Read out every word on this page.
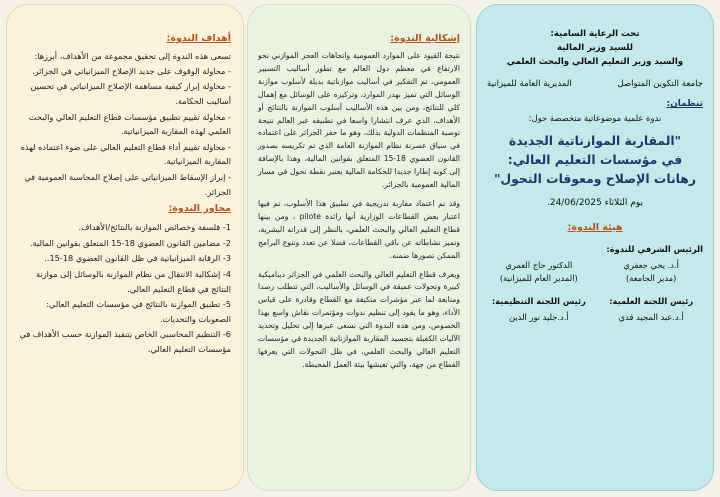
أهداف الندوة:

تسعى هذه الندوة إلى تحقيق مجموعة من الأهداف، أبرزها:

- محاولة الوقوف على جديد الإصلاح الميزانياتي في الجزائر.
- محاولة إبراز كيفية مساهمة الإصلاح الميزانياتي في تحسين أساليب الحكامة.
- محاولة تقييم تطبيق مؤسسات قطاع التعليم العالي والبحث العلمي لهذه المقاربة الميزانياتية.
- محاولة تقييم أداء قطاع التعليم العالي على ضوء اعتماده لهذه المقاربة الميزانياتية.
- إبراز الإسقاط الميزانياتي على إصلاح المحاسبة العمومية في الجزائر.
محاور الندوة:
1- فلسفة وخصائص الموازنة بالنتائج/الأهداف.
2- مضامين القانون العضوي 18-15 المتعلق بقوانين المالية.
3- الرقابة الميزانياتية في ظل القانون العضوي 18-15..
4- إشكالية الانتقال من نظام الموازنة بالوسائل إلى موازنة النتائج في قطاع التعليم العالي.
5- تطبيق الموازنة بالنتائج في مؤسسات التعليم العالي: الصعوبات والتحديات.
6- التنظيم المحاسبي الخاص بتنفيذ الموازنة حسب الأهداف في مؤسسات التعليم العالي.
إشكالية الندوة:

نتيجة القيود على الموارد العمومية واتجاهات العجز الموازني نحو الارتفاع في معظم دول العالم مع تطور أساليب التسيير العمومي، تم التفكير في أساليب موازناتية بديلة لأسلوب موازنة الوسائل التي تميز بهدر الموارد، وتركيزه على الوسائل مع إهمال كلي للنتائج، ومن بين هذه الأساليب أسلوب الموازنة بالنتائج أو الأهداف، الذي عرف انتشارا واسعا في تطبيقه عبر العالم نتيجة توصية المنظمات الدولية بذلك، وهو ما حفز الجزائر على اعتماده في سياق عصرنة نظام الموازنة العامة الذي تم تكريسه بصدور القانون العضوي 18-15 المتعلق بقوانين المالية، وهذا بالإضافة إلى كونه إطارا جديدا للحكامة المالية يعتبر نقطة تحول في مسار المالية العمومية بالجزائر.

وقد تم اعتماد مقاربة تدريجية في تطبيق هذا الأسلوب، تم فيها اعتبار بعض القطاعات الوزارية أنها رائدة pilote ، ومن بينها قطاع التعليم العالي والبحث العلمي، بالنظر إلى قدراته البشرية، وتميز نشاطاته عن باقي القطاعات، فضلا عن تعدد وتنوع البرامج الممكن تصورها ضمنه.

ويعرف قطاع التعليم العالي والبحث العلمي في الجزائر ديناميكية كبيرة وتحولات عميقة في الوسائل والأساليب، التي تتطلب رصدا ومتابعة لما عبر مؤشرات متكيفة مع القطاع وقادرة على قياس الأداء، وهو ما يقود إلى تنظيم ندوات ومؤتمرات نقاش واسع بهذا الخصوص، ومن هذه الندوة التي نسعى عبرها إلى تحليل وتحديد الآليات الكفيلة بتجسيد المقاربة الموازناتية الجديدة في مؤسسات التعليم العالي والبحث العلمي، في ظل التحولات التي يعرفها القطاع من جهة، والتي تعيشها بيئة العمل المحيطة.

تحت الرعاية السامية:

للسيد وزير المالية

والسيد وزير التعليم العالي والبحث العلمي

جامعة التكوين المتواصل
المديرية العامة للميزانية
تنظمان:
ندوة علمية موضوعاتية متخصصة حول:
"المقاربة الموازناتية الجديدة
في مؤسسات التعليم العالي:
رهانات الإصلاح ومعوقات التحول"
يوم الثلاثاء 24/06/2025.
هيئة الندوة:
الرئيس الشرفي للندوة:
أ.د. يحي جعفري
الدكتور حاج العمري
(مدير الجامعة)
(المدير العام للميزانية)
رئيس اللجنة العلمية:
رئيس اللجنة التنظيمية:
أ.د.عبد المجيد قدي
أ.د.جليد نور الدين
